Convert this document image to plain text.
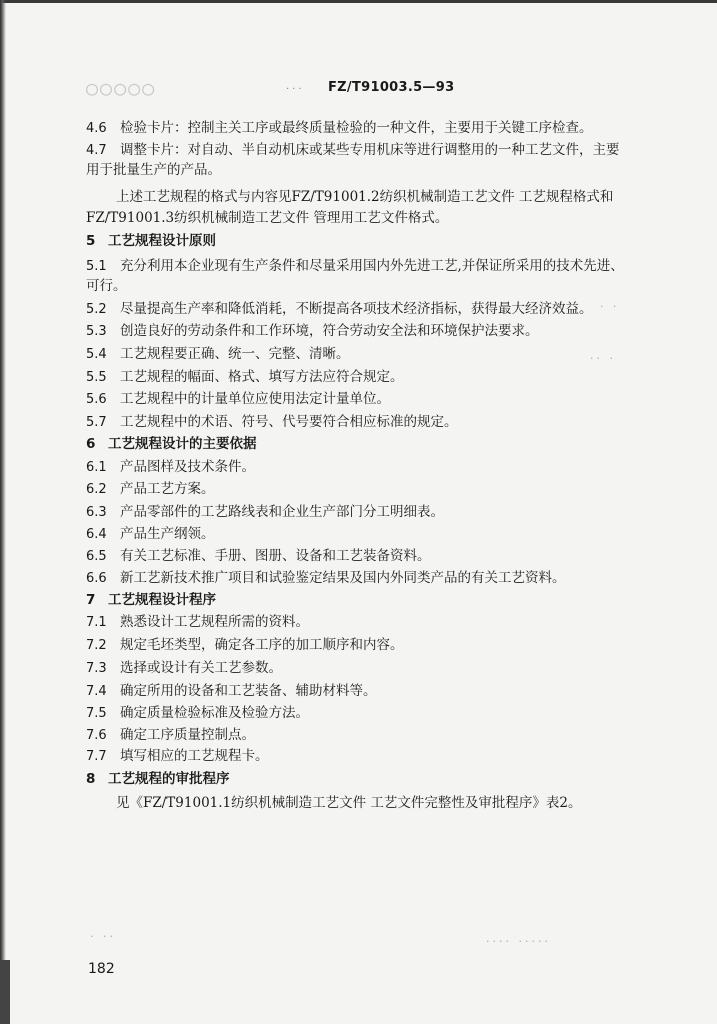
○○○○○	··· FZ/T91003.5—93
4.6 检验卡片：控制主关工序或最终质量检验的一种文件，主要用于关键工序检查。
4.7 调整卡片：对自动、半自动机床或某些专用机床等进行调整用的一种工艺文件，主要
用于批量生产的产品。
上述工艺规程的格式与内容见FZ/T91001.2纺织机械制造工艺文件 工艺规程格式和
FZ/T91001.3纺织机械制造工艺文件 管理用工艺文件格式。
5 工艺规程设计原则
5.1 充分利用本企业现有生产条件和尽量采用国内外先进工艺,并保证所采用的技术先进、
可行。
5.2 尽量提高生产率和降低消耗，不断提高各项技术经济指标，获得最大经济效益。
5.3 创造良好的劳动条件和工作环境，符合劳动安全法和环境保护法要求。
5.4 工艺规程要正确、统一、完整、清晰。
5.5 工艺规程的幅面、格式、填写方法应符合规定。
5.6 工艺规程中的计量单位应使用法定计量单位。
5.7 工艺规程中的术语、符号、代号要符合相应标准的规定。
6 工艺规程设计的主要依据
6.1 产品图样及技术条件。
6.2 产品工艺方案。
6.3 产品零部件的工艺路线表和企业生产部门分工明细表。
6.4 产品生产纲领。
6.5 有关工艺标准、手册、图册、设备和工艺装备资料。
6.6 新工艺新技术推广项目和试验鉴定结果及国内外同类产品的有关工艺资料。
7 工艺规程设计程序
7.1 熟悉设计工艺规程所需的资料。
7.2 规定毛坯类型，确定各工序的加工顺序和内容。
7.3 选择或设计有关工艺参数。
7.4 确定所用的设备和工艺装备、辅助材料等。
7.5 确定质量检验标准及检验方法。
7.6 确定工序质量控制点。
7.7 填写相应的工艺规程卡。
8 工艺规程的审批程序
见《FZ/T91001.1纺织机械制造工艺文件 工艺文件完整性及审批程序》表2。
· ··	···· ·····
· ·
·· ·
182
